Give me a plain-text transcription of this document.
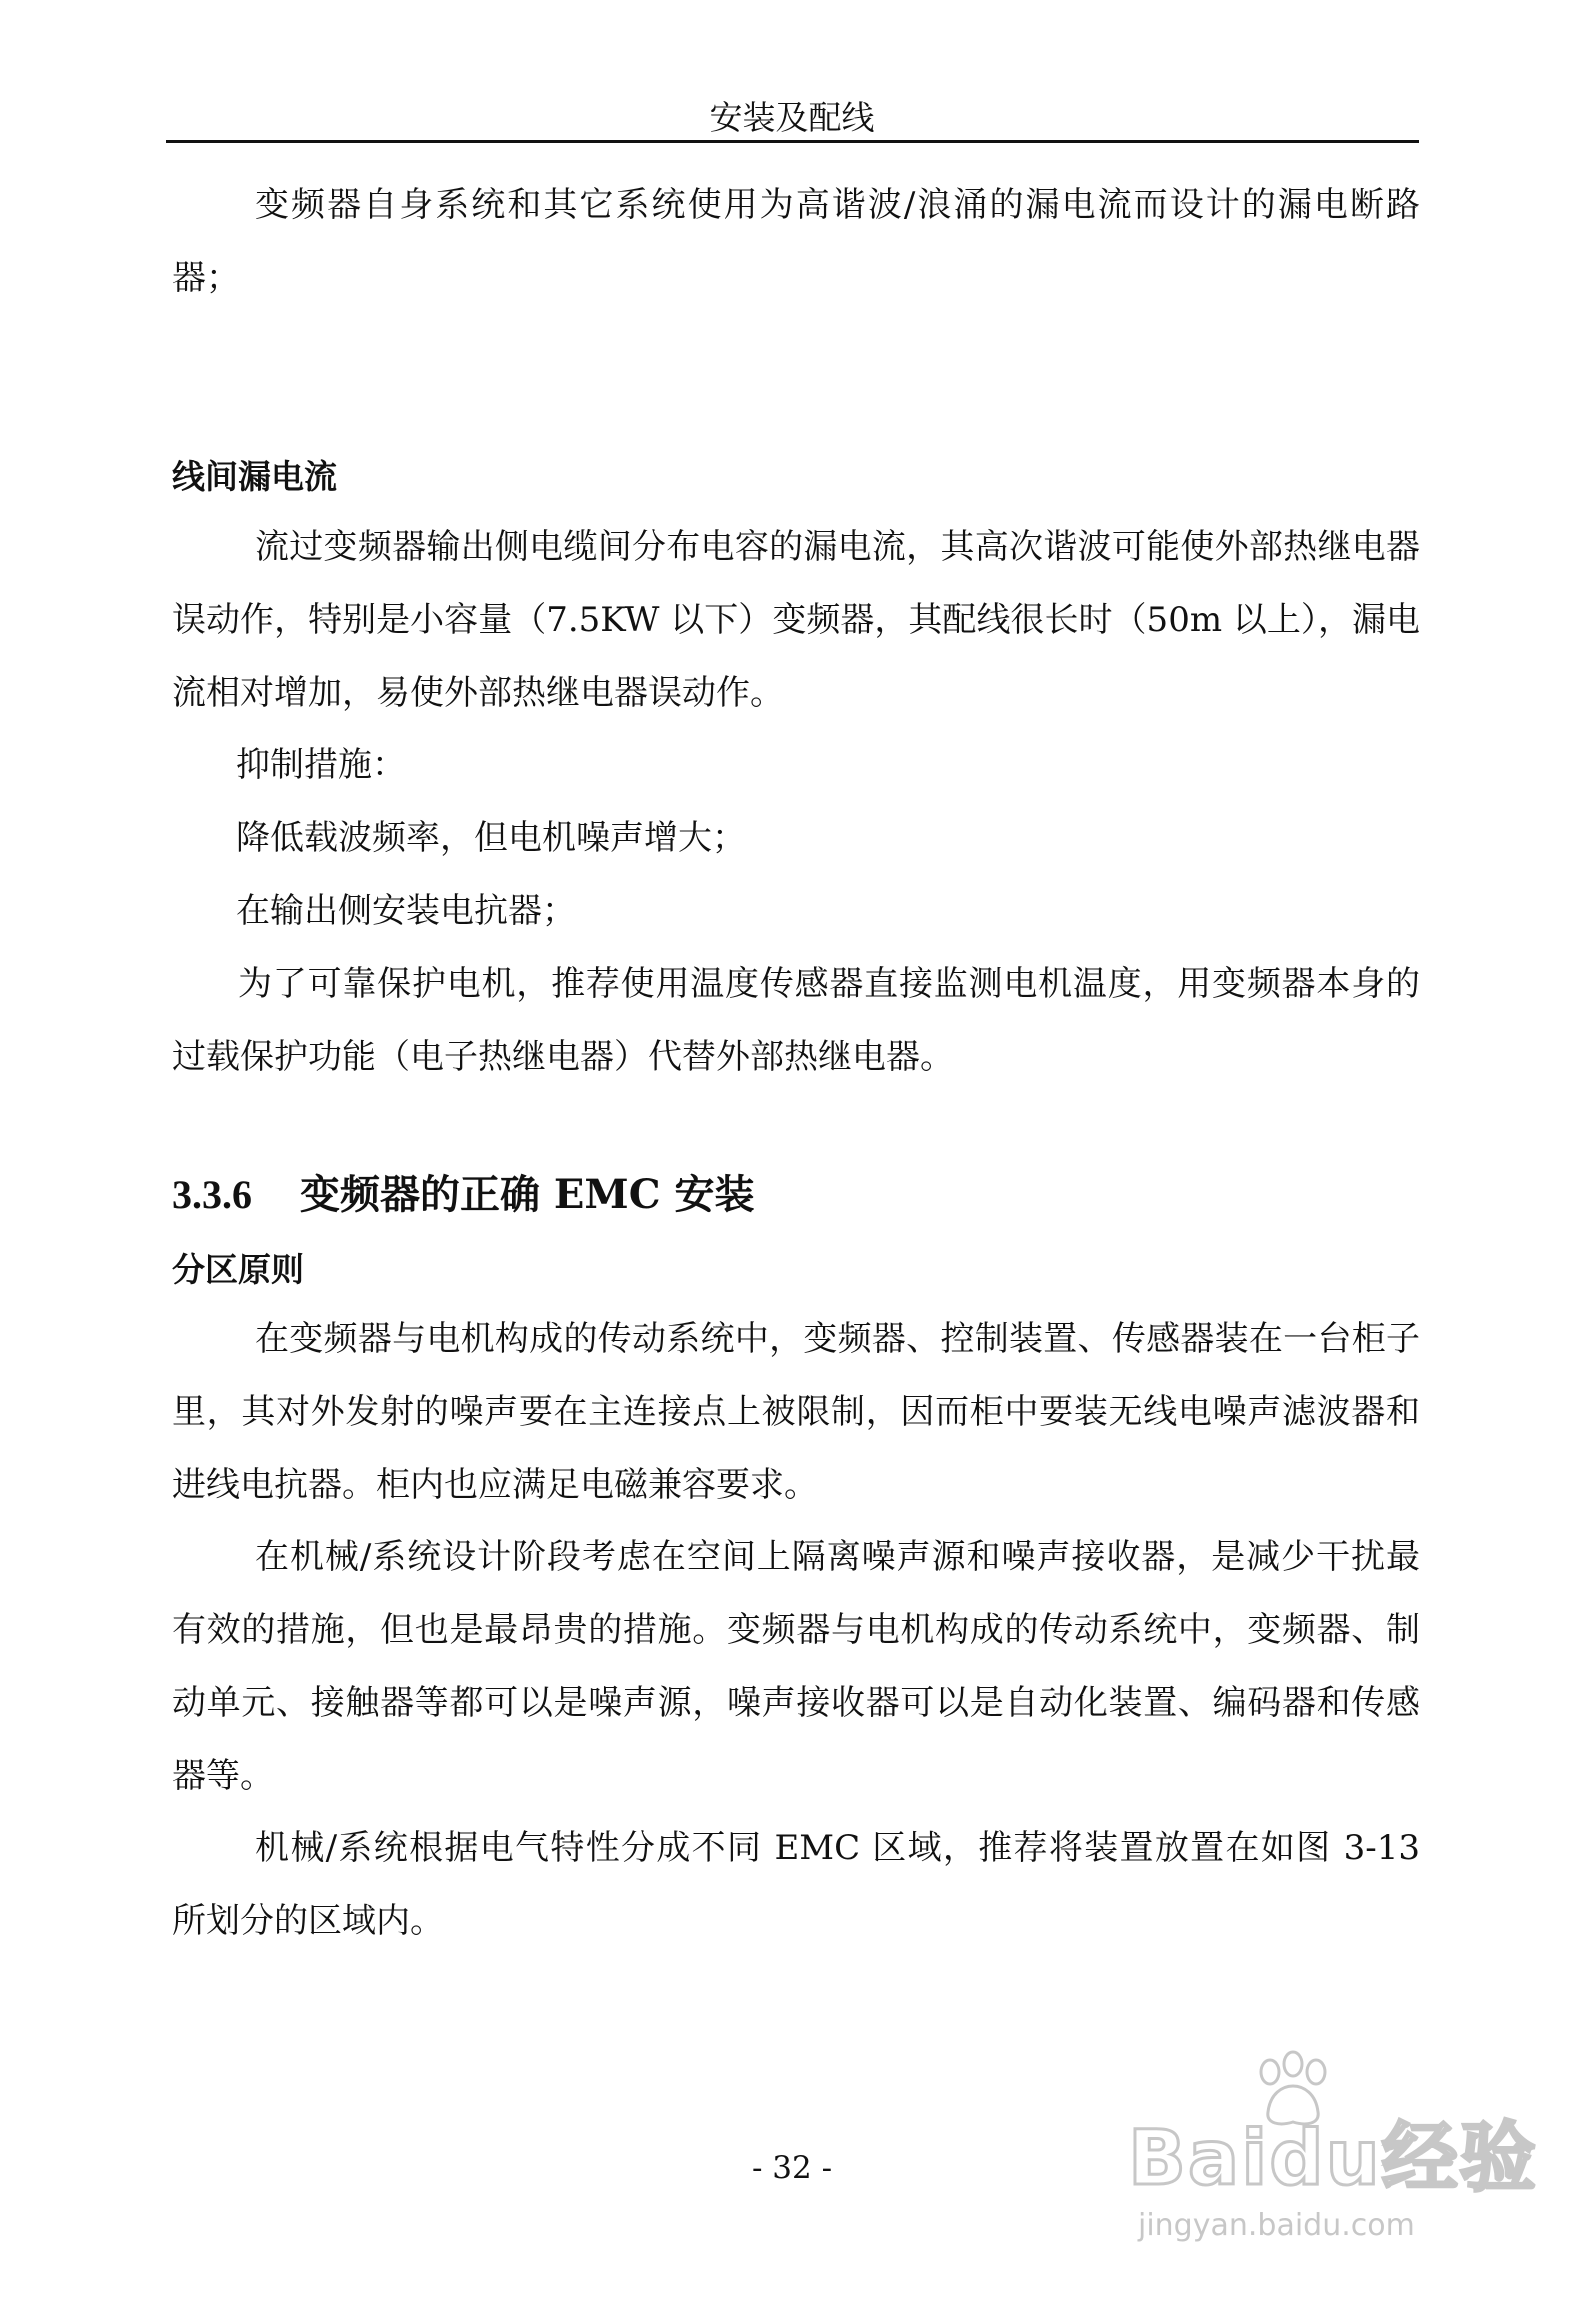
安装及配线

变频器自身系统和其它系统使用为高谐波/浪涌的漏电流而设计的漏电断路器；

线间漏电流

流过变频器输出侧电缆间分布电容的漏电流，其高次谐波可能使外部热继电器误动作，特别是小容量（7.5KW 以下）变频器，其配线很长时（50m 以上），漏电流相对增加，易使外部热继电器误动作。

抑制措施：

降低载波频率，但电机噪声增大；

在输出侧安装电抗器；

为了可靠保护电机，推荐使用温度传感器直接监测电机温度，用变频器本身的过载保护功能（电子热继电器）代替外部热继电器。

3.3.6 变频器的正确 EMC 安装
分区原则

在变频器与电机构成的传动系统中，变频器、控制装置、传感器装在一台柜子里，其对外发射的噪声要在主连接点上被限制，因而柜中要装无线电噪声滤波器和进线电抗器。柜内也应满足电磁兼容要求。

在机械/系统设计阶段考虑在空间上隔离噪声源和噪声接收器，是减少干扰最有效的措施，但也是最昂贵的措施。变频器与电机构成的传动系统中，变频器、制动单元、接触器等都可以是噪声源，噪声接收器可以是自动化装置、编码器和传感器等。

机械/系统根据电气特性分成不同 EMC 区域，推荐将装置放置在如图 3-13 所划分的区域内。

- 32 -	Baidu经验
jingyan.baidu.com
